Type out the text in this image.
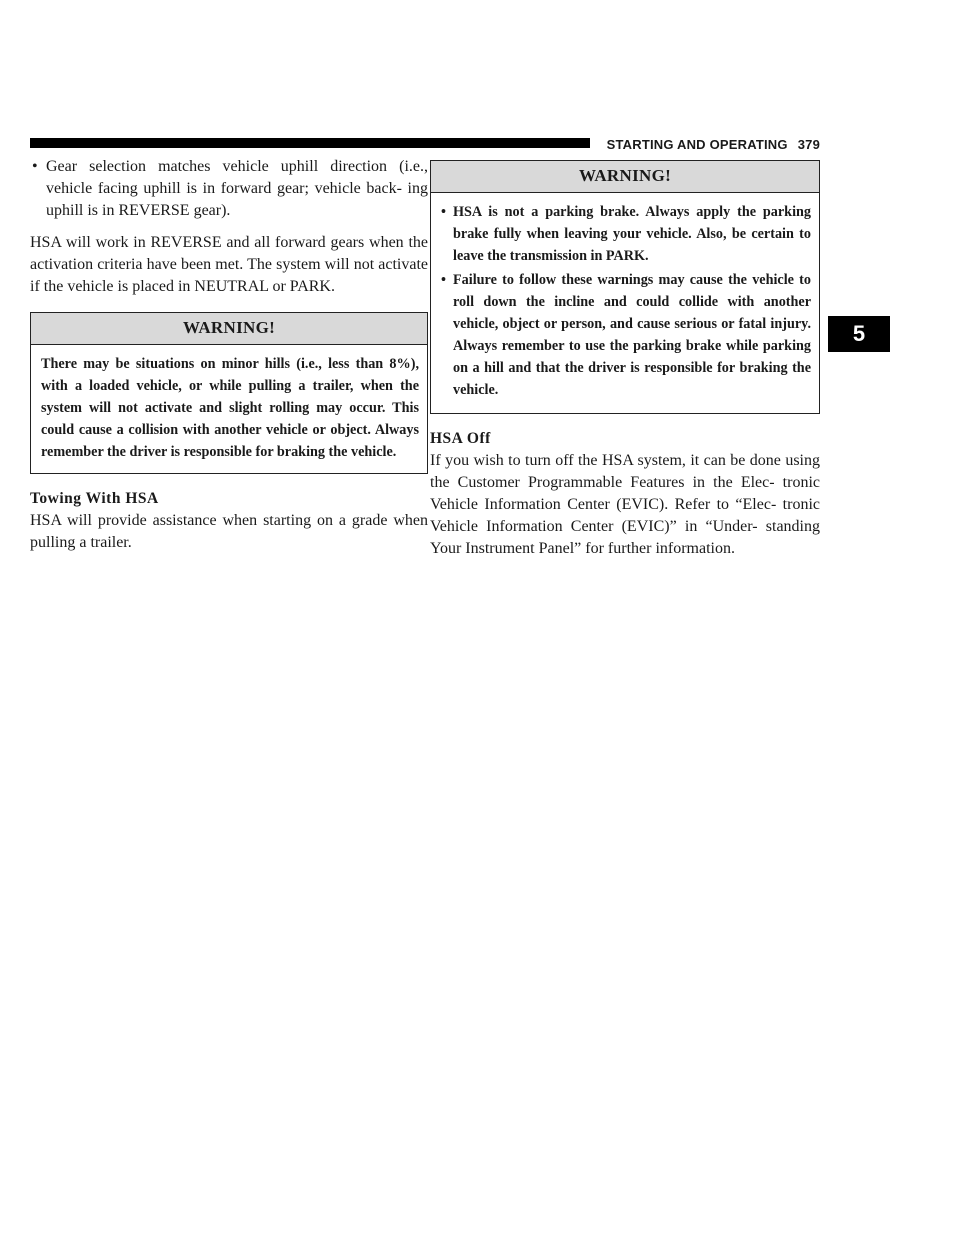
STARTING AND OPERATING 379
5
• Gear selection matches vehicle uphill direction (i.e., vehicle facing uphill is in forward gear; vehicle back- ing uphill is in REVERSE gear).

HSA will work in REVERSE and all forward gears when the activation criteria have been met. The system will not activate if the vehicle is placed in NEUTRAL or PARK.

WARNING!
There may be situations on minor hills (i.e., less than 8%), with a loaded vehicle, or while pulling a trailer, when the system will not activate and slight rolling may occur. This could cause a collision with another vehicle or object. Always remember the driver is responsible for braking the vehicle.
Towing With HSA

HSA will provide assistance when starting on a grade when pulling a trailer.

WARNING!
• HSA is not a parking brake. Always apply the parking brake fully when leaving your vehicle. Also, be certain to leave the transmission in PARK.
• Failure to follow these warnings may cause the vehicle to roll down the incline and could collide with another vehicle, object or person, and cause serious or fatal injury. Always remember to use the parking brake while parking on a hill and that the driver is responsible for braking the vehicle.
HSA Off

If you wish to turn off the HSA system, it can be done using the Customer Programmable Features in the Elec- tronic Vehicle Information Center (EVIC). Refer to “Elec- tronic Vehicle Information Center (EVIC)” in “Under- standing Your Instrument Panel” for further information.
